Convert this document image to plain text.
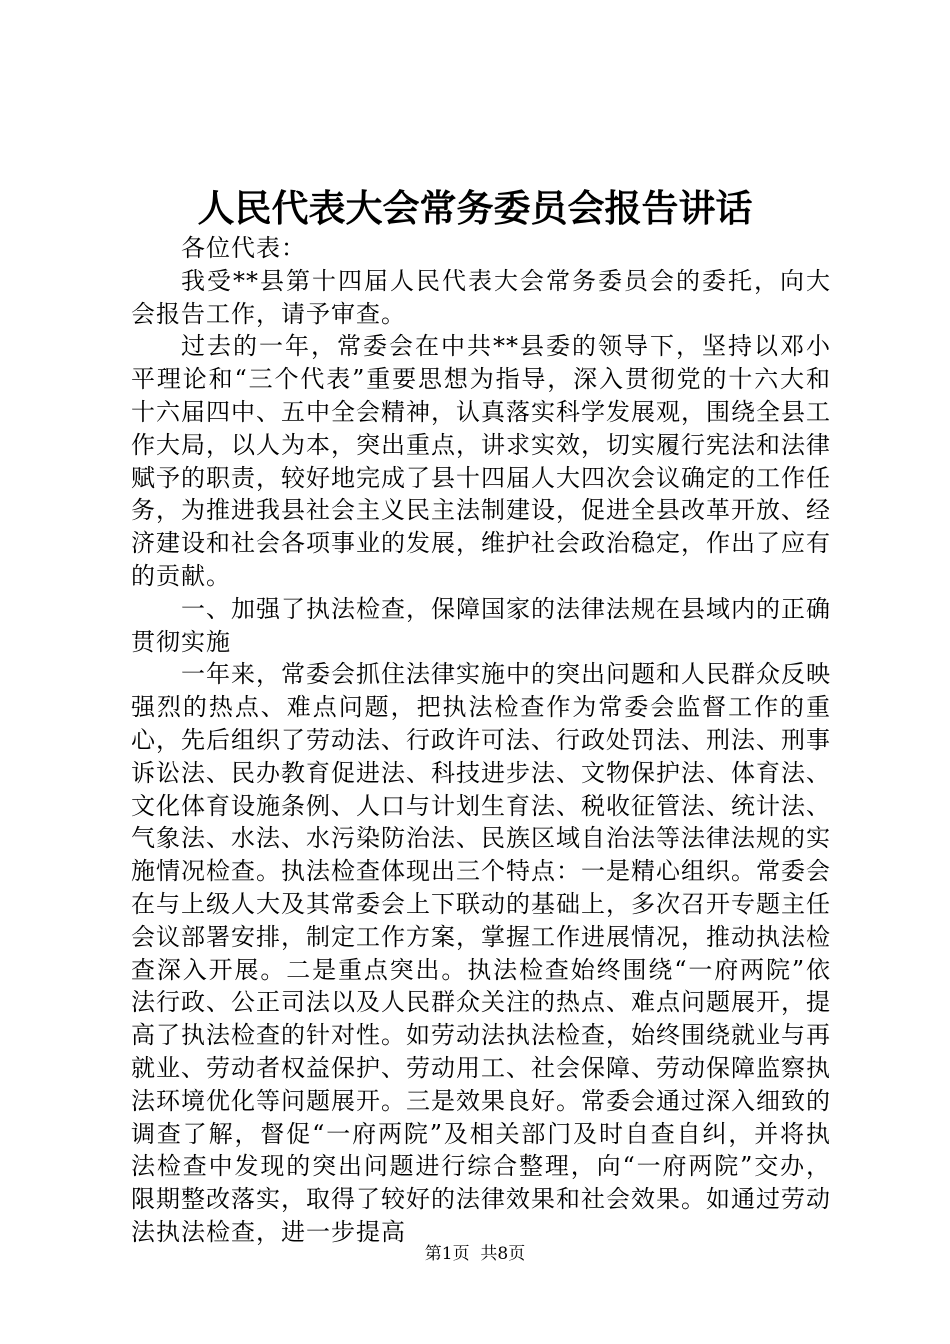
人民代表大会常务委员会报告讲话

各位代表：

我受**县第十四届人民代表大会常务委员会的委托，向大会报告工作，请予审查。

过去的一年，常委会在中共**县委的领导下，坚持以邓小平理论和“三个代表”重要思想为指导，深入贯彻党的十六大和十六届四中、五中全会精神，认真落实科学发展观，围绕全县工作大局，以人为本，突出重点，讲求实效，切实履行宪法和法律赋予的职责，较好地完成了县十四届人大四次会议确定的工作任务，为推进我县社会主义民主法制建设，促进全县改革开放、经济建设和社会各项事业的发展，维护社会政治稳定，作出了应有的贡献。

一、加强了执法检查，保障国家的法律法规在县域内的正确贯彻实施

一年来，常委会抓住法律实施中的突出问题和人民群众反映强烈的热点、难点问题，把执法检查作为常委会监督工作的重心，先后组织了劳动法、行政许可法、行政处罚法、刑法、刑事诉讼法、民办教育促进法、科技进步法、文物保护法、体育法、文化体育设施条例、人口与计划生育法、税收征管法、统计法、气象法、水法、水污染防治法、民族区域自治法等法律法规的实施情况检查。执法检查体现出三个特点：一是精心组织。常委会在与上级人大及其常委会上下联动的基础上，多次召开专题主任会议部署安排，制定工作方案，掌握工作进展情况，推动执法检查深入开展。二是重点突出。执法检查始终围绕“一府两院”依法行政、公正司法以及人民群众关注的热点、难点问题展开，提高了执法检查的针对性。如劳动法执法检查，始终围绕就业与再就业、劳动者权益保护、劳动用工、社会保障、劳动保障监察执法环境优化等问题展开。三是效果良好。常委会通过深入细致的调查了解，督促“一府两院”及相关部门及时自查自纠，并将执法检查中发现的突出问题进行综合整理，向“一府两院”交办，限期整改落实，取得了较好的法律效果和社会效果。如通过劳动法执法检查，进一步提高

第1页  共8页
